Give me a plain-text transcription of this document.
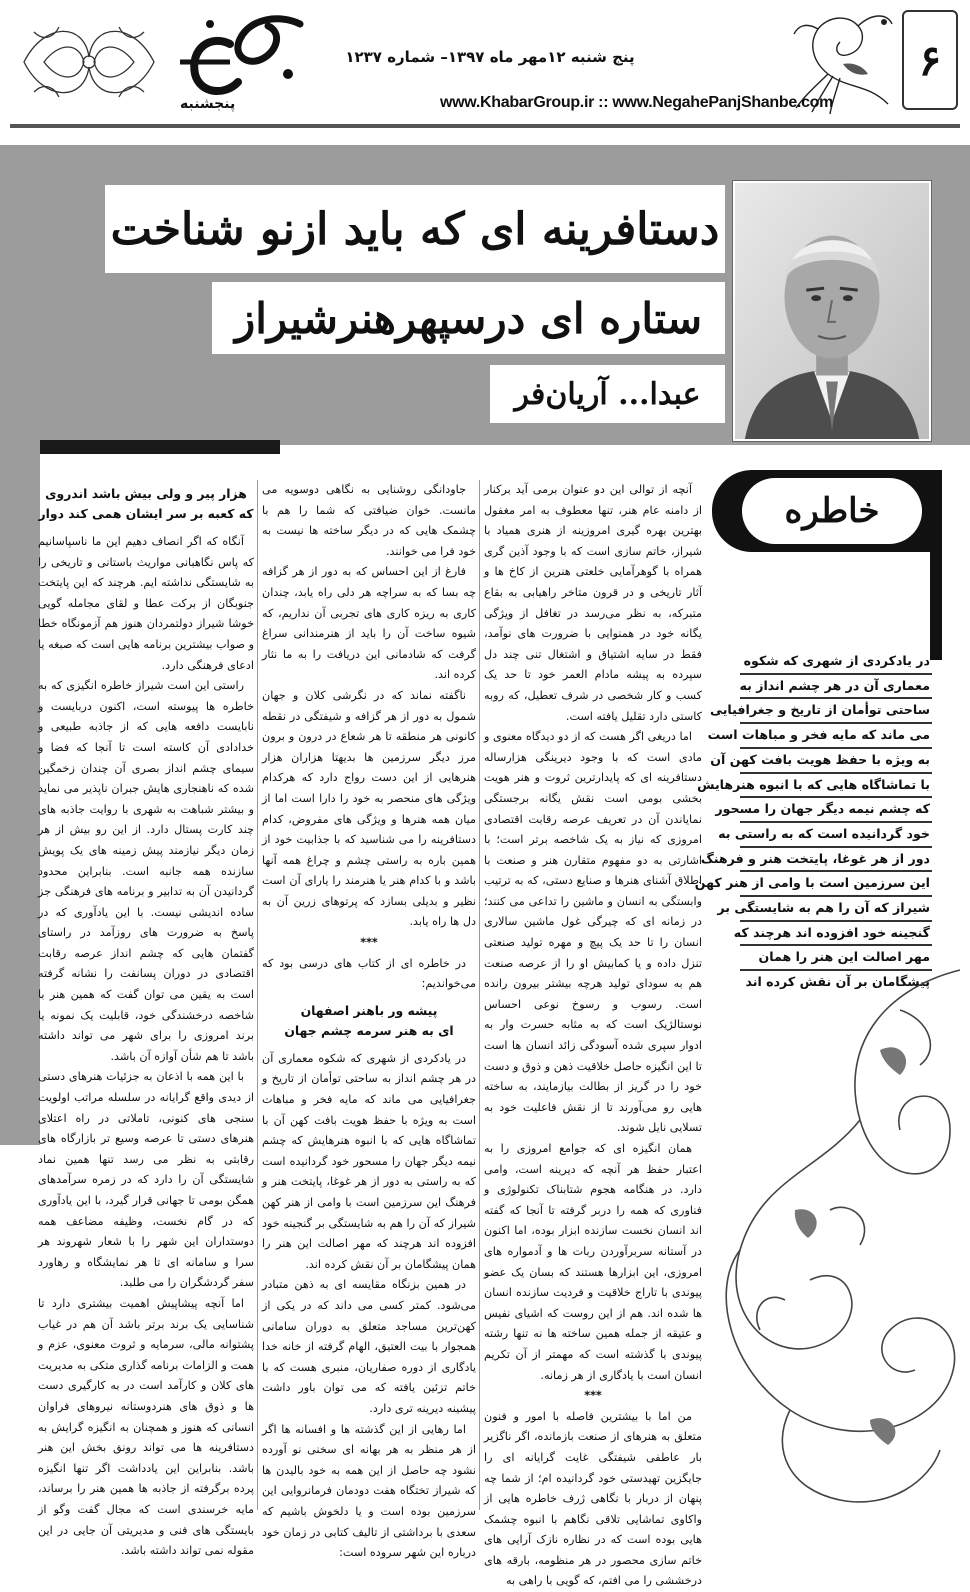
۶
پنج شنبه ۱۲مهر ماه ۱۳۹۷– شماره ۱۲۳۷
www.KhabarGroup.ir :: www.NegahePanjShanbe.com
پنجشنبه
دستافرینه ای که باید ازنو شناخت
ستاره ای درسپهرهنرشیراز
عبدا... آریان‌فر
خاطره
در یادکردی از شهری که شکوه
معماری آن در هر چشم انداز به
ساحتی توأمان از تاریخ و جغرافیایی
می ماند که مایه فخر و مباهات است
به ویژه با حفظ هویت بافت کهن آن
با تماشاگاه هایی که با انبوه هنرهایش
که چشم نیمه دیگر جهان را مسحور
خود گردانیده است که به راستی به
دور از هر غوغا، پایتخت هنر و فرهنگ
این سرزمین است با وامی از هنر کهن
شیراز که آن را هم به شایستگی بر
گنجینه خود افزوده اند هرچند که
مهر اصالت این هنر را همان
پیشگامان بر آن نقش کرده اند

آنچه از توالی این دو عنوان برمی آید برکنار از دامنه عام هنر، تنها معطوف به امر مغفول بهترین بهره گیری امروزینه از هنری همیاد با شیراز، خاتم سازی است که با وجود آذین گری همراه با گوهرآمایی خلعتی هنرین از کاخ ها و آثار تاریخی و در قرون متاخر راهیابی به بقاع متبرکه، به نظر می‌رسد در تغافل از ویژگی یگانه خود در همنوایی با ضرورت های نوآمد، فقط در سایه اشتیاق و اشتغال تنی چند دل سپرده به پیشه مادام العمر خود تا حد یک کسب و کار شخصی در شرف تعطیل، که روبه کاستی دارد تقلیل یافته است.

اما دریغی اگر هست که از دو دیدگاه معنوی و مادی است که با وجود دیرینگی هزارساله دستافرینه ای که پایدارترین ثروت و هنر هویت بخشی بومی است نقش یگانه برجستگی نمایاندن آن در تعریف عرصه رقابت اقتصادی امروزی که نیاز به یک شاخصه برتر است؛ با اشارتی به دو مفهوم متقارن هنر و صنعت با اطلاق آشنای هنرها و صنایع دستی، که به ترتیب وابستگی به انسان و ماشین را تداعی می کنند؛ در زمانه ای که چیرگی غول ماشین سالاری انسان را تا حد یک پیچ و مهره تولید صنعتی تنزل داده و یا کمابیش او را از عرصه صنعت هم به سودای تولید هرچه بیشتر بیرون رانده است. رسوب و رسوخ نوعی احساس نوستالژیک است که به مثابه حسرت وار به ادوار سپری شده آسودگی زائد انسان ها است تا این انگیزه حاصل خلاقیت ذهن و ذوق و دست خود را در گریز از بطالت بیازمایند، به ساخته هایی رو می‌آورند تا از نقش فاعلیت خود به تسلایی نایل شوند.

همان انگیزه ای که جوامع امروزی را به اعتبار حفظ هر آنچه که دیرینه است، وامی دارد. در هنگامه هجوم شتابناک تکنولوژی و فناوری که همه را دربر گرفته تا آنجا که گفته اند انسان نخست سازنده ابزار بوده، اما اکنون در آستانه سربرآوردن ربات ها و آدمواره های امروزی، این ابزارها هستند که بسان یک عضو پیوندی با تاراج خلاقیت و فردیت سازنده انسان ها شده اند. هم از این روست که اشیای نفیس و عتیقه از جمله همین ساخته ها نه تنها رشته پیوندی با گذشته است که مهمتر از آن تکریم انسان است با یادگاری از هر زمانه.

***

من اما با بیشترین فاصله با امور و فنون متعلق به هنرهای از صنعت بازمانده، اگر ناگزیر بار عاطفی شیفتگی غایت گرایانه ای را جایگزین تهیدستی خود گردانیده ام؛ از شما چه پنهان از دربار با نگاهی ژرف خاطره هایی از واکاوی تماشایی تلاقی نگاهم با انبوه چشمک هایی بوده است که در نظاره نازک آرایی های خاتم سازی محصور در هر منظومه، بارقه های درخششی را می افتم، که گویی با راهی به

جاودانگی روشنایی به نگاهی دوسویه می مانست. خوان ضیافتی که شما را هم با چشمک هایی که در دیگر ساخته ها نیست به خود فرا می خوانند.

فارغ از این احساس که به دور از هر گزافه چه بسا که به سراچه هر دلی راه یابد، چندان کاری به ریزه کاری های تجربی آن نداریم، که شیوه ساخت آن را باید از هنرمندانی سراغ گرفت که شادمانی این دریافت را به ما نثار کرده اند.

ناگفته نماند که در نگرشی کلان و جهان شمول به دور از هر گزافه و شیفتگی در نقطه کانونی هر منطقه تا هر شعاع در درون و برون مرز دیگر سرزمین ها بدیهتا هزاران هزار هنرهایی از این دست رواج دارد که هرکدام ویژگی های منحصر به خود را دارا است اما از میان همه هنرها و ویژگی های مفروض، کدام دستافرینه را می شناسید که با جذابیت خود از همین باره به راستی چشم و چراغ همه آنها باشد و با کدام هنر یا هنرمند را یارای آن است نظیر و بدیلی بسازد که پرتوهای زرین آن به دل ها راه یابد.

***

در خاطره ای از کتاب های درسی بود که می‌خواندیم:

پیشه ور باهنر اصفهان
ای به هنر سرمه چشم جهان

در یادکردی از شهری که شکوه معماری آن در هر چشم انداز به ساحتی توأمان از تاریخ و جغرافیایی می ماند که مایه فخر و مباهات است به ویژه با حفظ هویت بافت کهن آن با تماشاگاه هایی که با انبوه هنرهایش که چشم نیمه دیگر جهان را مسحور خود گردانیده است که به راستی به دور از هر غوغا، پایتخت هنر و فرهنگ این سرزمین است با وامی از هنر کهن شیراز که آن را هم به شایستگی بر گنجینه خود افزوده اند هرچند که مهر اصالت این هنر را همان پیشگامان بر آن نقش کرده اند.

در همین بزنگاه مقایسه ای به ذهن متبادر می‌شود. کمتر کسی می داند که در یکی از کهن‌ترین مساجد متعلق به دوران سامانی همجوار با بیت العتیق، الهام گرفته از خانه خدا یادگاری از دوره صفاریان، منبری هست که با خاتم تزئین یافته که می توان باور داشت پیشینه دیرینه تری دارد.

اما رهایی از این گذشته ها و افسانه ها اگر از هر منظر به هر بهانه ای سخنی نو آورده نشود چه حاصل از این همه به خود بالیدن ها که شیراز تختگاه هفت دودمان فرمانروایی این سرزمین بوده است و یا دلخوش باشیم که سعدی با برداشتی از تالیف کتابی در زمان خود درباره این شهر سروده است:

هزار پیر و ولی بیش باشد اندروی
که کعبه بر سر ایشان همی کند دوار

آنگاه که اگر انصاف دهیم این ما ناسپاسانیم که پاس نگاهبانی مواریث باستانی و تاریخی را به شایستگی نداشته ایم. هرچند که این پایتخت جنوبگان از برکت عطا و لقای مجامله گویی خوشا شیراز دولتمردان هنوز هم آزمونگاه خطا و صواب بیشترین برنامه هایی است که صبغه یا ادعای فرهنگی دارد.

راستی این است شیراز خاطره انگیزی که به خاطره ها پیوسته است، اکنون دربایست و نابایست دافعه هایی که از جاذبه طبیعی و خدادادی آن کاسته است تا آنجا که فضا و سیمای چشم انداز بصری آن چندان زخمگین شده که ناهنجاری هایش جبران ناپذیر می نماید و بیشتر شباهت به شهری با روایت جاذبه های چند کارت پستال دارد. از این رو بیش از هر زمان دیگر نیازمند پیش زمینه های یک پویش سازنده همه جانبه است. بنابراین محدود گردانیدن آن به تدابیر و برنامه های فرهنگی جز ساده اندیشی نیست. با این یادآوری که در پاسخ به ضرورت های روزآمد در راستای گفتمان هایی که چشم انداز عرصه رقابت اقتصادی در دوران پسانفت را نشانه گرفته است به یقین می توان گفت که همین هنر با شاخصه درخشندگی خود، قابلیت یک نمونه یا برند امروزی را برای شهر می تواند داشته باشد تا هم شأن آوازه آن باشد.

با این همه با اذعان به جزئیات هنرهای دستی از دیدی واقع گرایانه در سلسله مراتب اولویت سنجی های کنونی، تاملاتی در راه اعتلای هنرهای دستی تا عرصه وسیع تر بازارگاه های رقابتی به نظر می رسد تنها همین نماد شایستگی آن را دارد که در زمره سرآمدهای همگن بومی تا جهانی قرار گیرد، با این یادآوری که در گام نخست، وظیفه مضاعف همه دوستداران این شهر را با شعار شهروند هر سرا و سامانه ای تا هر نمایشگاه و رهاورد سفر گردشگران را می طلبد.

اما آنچه پیشاپیش اهمیت بیشتری دارد تا شناسایی یک برند برتر باشد آن هم در غیاب پشتوانه مالی، سرمایه و ثروت معنوی، عزم و همت و الزامات برنامه گذاری متکی به مدیریت های کلان و کارآمد است در به کارگیری دست ها و ذوق های هنردوستانه نیروهای فراوان انسانی که هنوز و همچنان به انگیزه گرایش به دستافرینه ها می تواند رونق بخش این هنر باشد. بنابراین این یادداشت اگر تنها انگیزه پرده برگرفته از جاذبه ها همین هنر را برساند، مایه خرسندی است که مجال گفت وگو از بایستگی های فنی و مدیریتی آن جایی در این مقوله نمی تواند داشته باشد.
